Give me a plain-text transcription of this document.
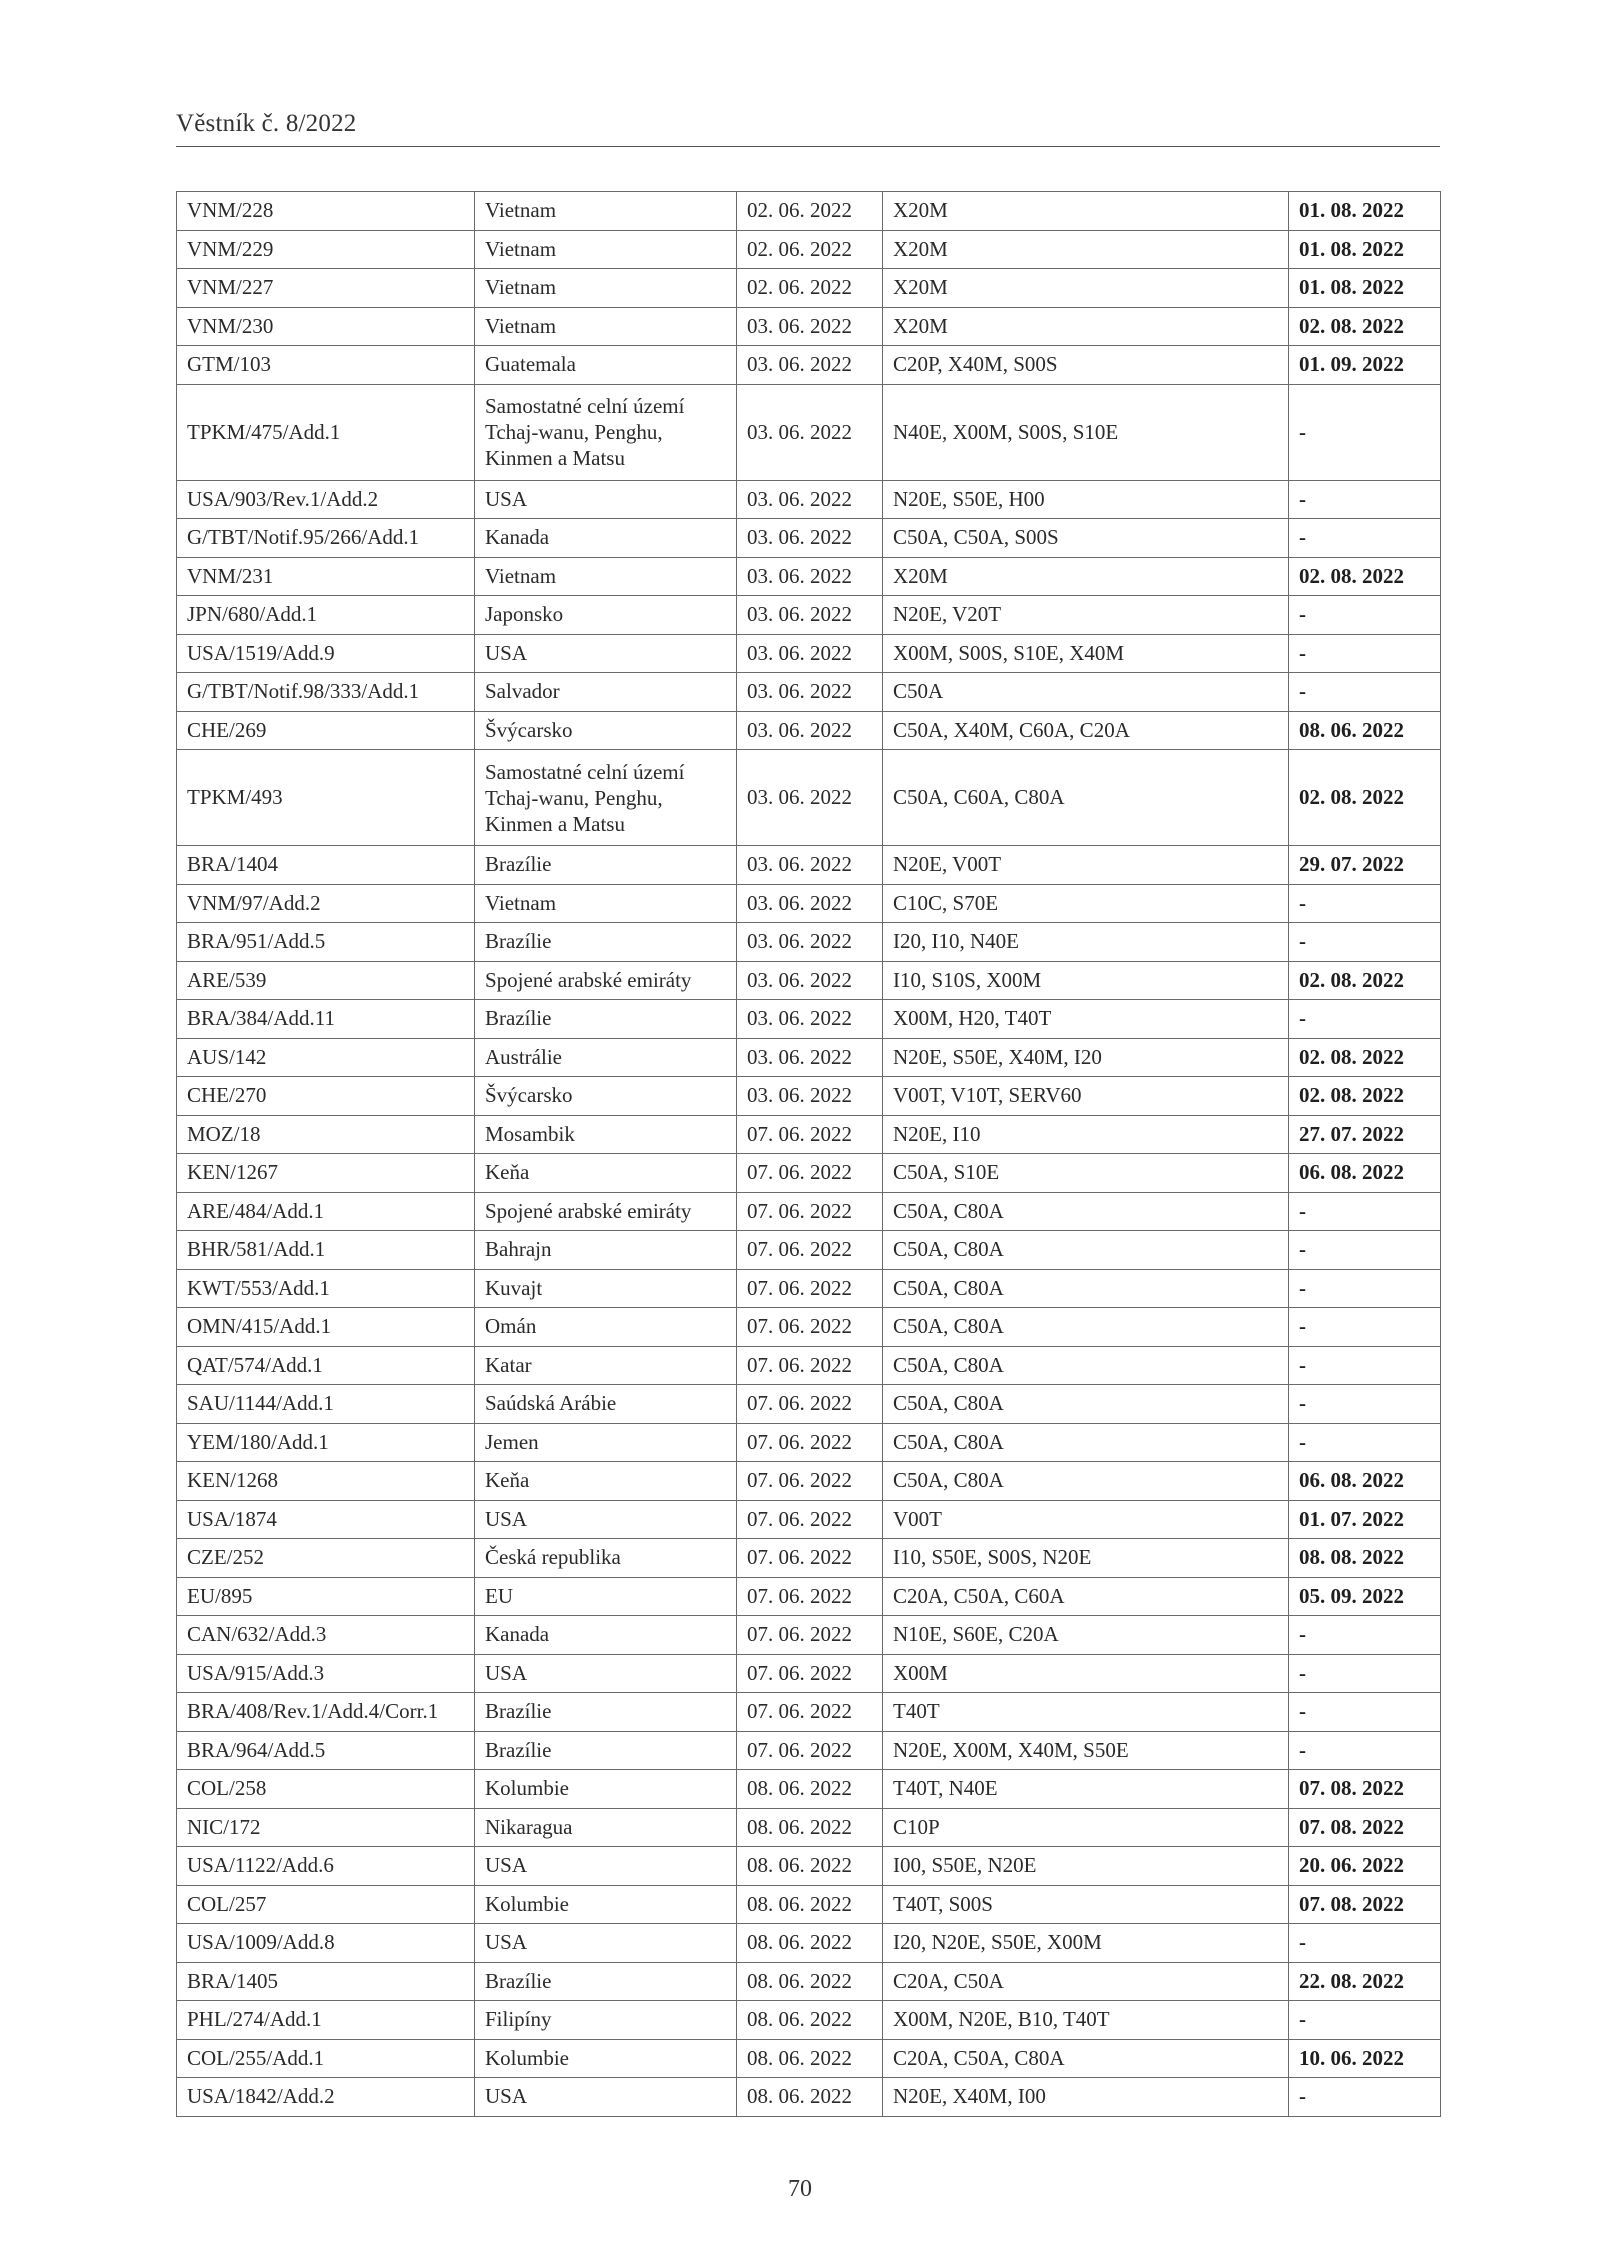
Věstník č. 8/2022
VNM/228	Vietnam	02. 06. 2022	X20M	01. 08. 2022
VNM/229	Vietnam	02. 06. 2022	X20M	01. 08. 2022
VNM/227	Vietnam	02. 06. 2022	X20M	01. 08. 2022
VNM/230	Vietnam	03. 06. 2022	X20M	02. 08. 2022
GTM/103	Guatemala	03. 06. 2022	C20P, X40M, S00S	01. 09. 2022
TPKM/475/Add.1	Samostatné celní území Tchaj-wanu, Penghu, Kinmen a Matsu	03. 06. 2022	N40E, X00M, S00S, S10E	-
USA/903/Rev.1/Add.2	USA	03. 06. 2022	N20E, S50E, H00	-
G/TBT/Notif.95/266/Add.1	Kanada	03. 06. 2022	C50A, C50A, S00S	-
VNM/231	Vietnam	03. 06. 2022	X20M	02. 08. 2022
JPN/680/Add.1	Japonsko	03. 06. 2022	N20E, V20T	-
USA/1519/Add.9	USA	03. 06. 2022	X00M, S00S, S10E, X40M	-
G/TBT/Notif.98/333/Add.1	Salvador	03. 06. 2022	C50A	-
CHE/269	Švýcarsko	03. 06. 2022	C50A, X40M, C60A, C20A	08. 06. 2022
TPKM/493	Samostatné celní území Tchaj-wanu, Penghu, Kinmen a Matsu	03. 06. 2022	C50A, C60A, C80A	02. 08. 2022
BRA/1404	Brazílie	03. 06. 2022	N20E, V00T	29. 07. 2022
VNM/97/Add.2	Vietnam	03. 06. 2022	C10C, S70E	-
BRA/951/Add.5	Brazílie	03. 06. 2022	I20, I10, N40E	-
ARE/539	Spojené arabské emiráty	03. 06. 2022	I10, S10S, X00M	02. 08. 2022
BRA/384/Add.11	Brazílie	03. 06. 2022	X00M, H20, T40T	-
AUS/142	Austrálie	03. 06. 2022	N20E, S50E, X40M, I20	02. 08. 2022
CHE/270	Švýcarsko	03. 06. 2022	V00T, V10T, SERV60	02. 08. 2022
MOZ/18	Mosambik	07. 06. 2022	N20E, I10	27. 07. 2022
KEN/1267	Keňa	07. 06. 2022	C50A, S10E	06. 08. 2022
ARE/484/Add.1	Spojené arabské emiráty	07. 06. 2022	C50A, C80A	-
BHR/581/Add.1	Bahrajn	07. 06. 2022	C50A, C80A	-
KWT/553/Add.1	Kuvajt	07. 06. 2022	C50A, C80A	-
OMN/415/Add.1	Omán	07. 06. 2022	C50A, C80A	-
QAT/574/Add.1	Katar	07. 06. 2022	C50A, C80A	-
SAU/1144/Add.1	Saúdská Arábie	07. 06. 2022	C50A, C80A	-
YEM/180/Add.1	Jemen	07. 06. 2022	C50A, C80A	-
KEN/1268	Keňa	07. 06. 2022	C50A, C80A	06. 08. 2022
USA/1874	USA	07. 06. 2022	V00T	01. 07. 2022
CZE/252	Česká republika	07. 06. 2022	I10, S50E, S00S, N20E	08. 08. 2022
EU/895	EU	07. 06. 2022	C20A, C50A, C60A	05. 09. 2022
CAN/632/Add.3	Kanada	07. 06. 2022	N10E, S60E, C20A	-
USA/915/Add.3	USA	07. 06. 2022	X00M	-
BRA/408/Rev.1/Add.4/Corr.1	Brazílie	07. 06. 2022	T40T	-
BRA/964/Add.5	Brazílie	07. 06. 2022	N20E, X00M, X40M, S50E	-
COL/258	Kolumbie	08. 06. 2022	T40T, N40E	07. 08. 2022
NIC/172	Nikaragua	08. 06. 2022	C10P	07. 08. 2022
USA/1122/Add.6	USA	08. 06. 2022	I00, S50E, N20E	20. 06. 2022
COL/257	Kolumbie	08. 06. 2022	T40T, S00S	07. 08. 2022
USA/1009/Add.8	USA	08. 06. 2022	I20, N20E, S50E, X00M	-
BRA/1405	Brazílie	08. 06. 2022	C20A, C50A	22. 08. 2022
PHL/274/Add.1	Filipíny	08. 06. 2022	X00M, N20E, B10, T40T	-
COL/255/Add.1	Kolumbie	08. 06. 2022	C20A, C50A, C80A	10. 06. 2022
USA/1842/Add.2	USA	08. 06. 2022	N20E, X40M, I00	-
70
